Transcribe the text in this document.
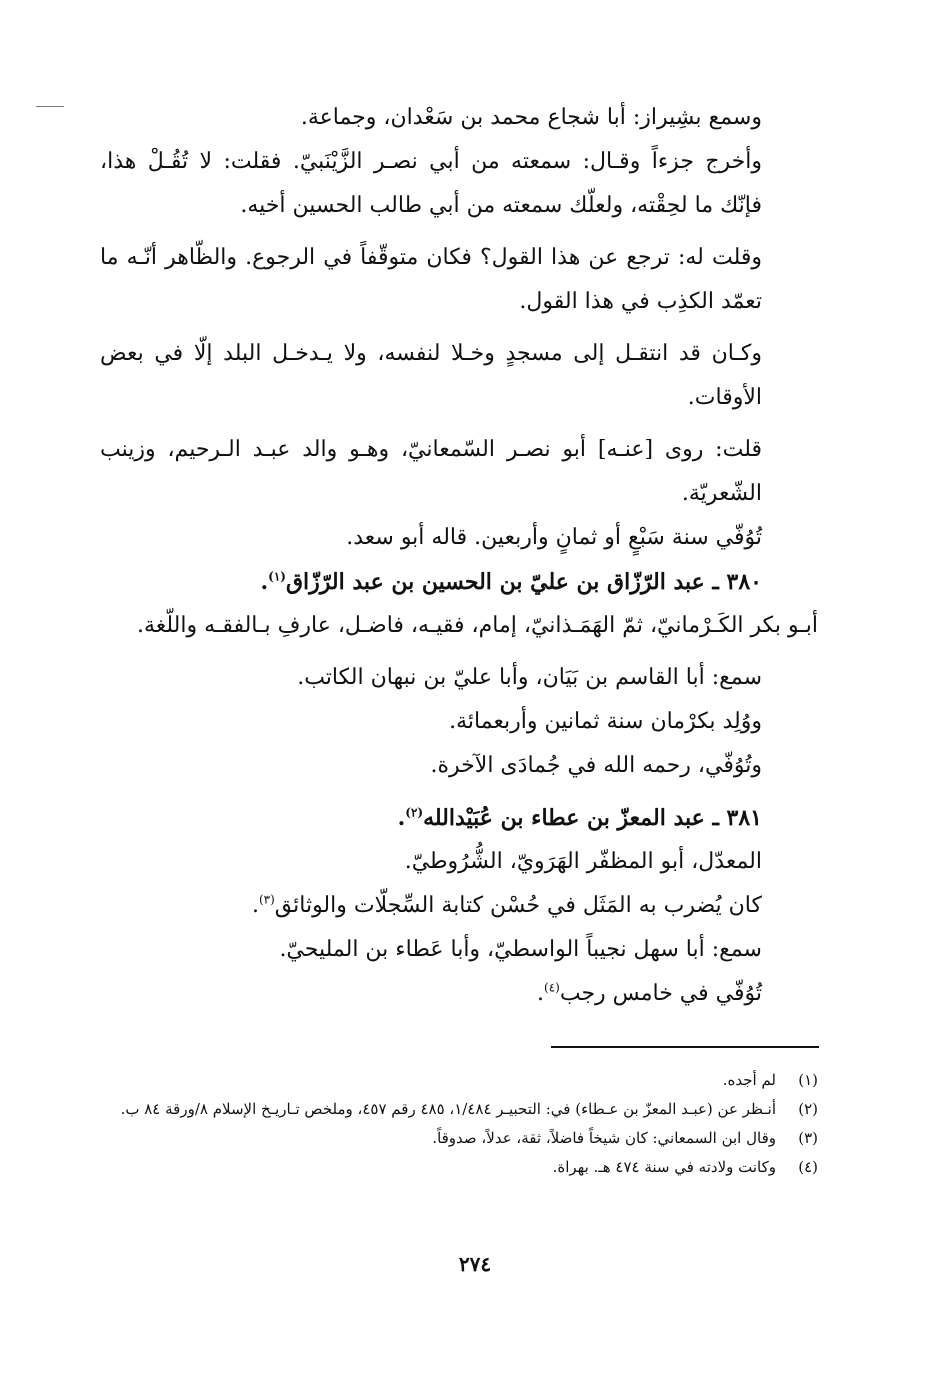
وسمع بشِيراز: أبا شجاع محمد بن سَعْدان، وجماعة.

وأخرج جزءاً وقـال: سمعته من أبي نصـر الزَّيْنَبيّ. فقلت: لا تُقُـلْ هذا، فإنّك ما لحِقْته، ولعلّك سمعته من أبي طالب الحسين أخيه.

وقلت له: ترجع عن هذا القول؟ فكان متوقّفاً في الرجوع. والظّاهر أنّـه ما تعمّد الكذِب في هذا القول.

وكـان قد انتقـل إلى مسجدٍ وخـلا لنفسه، ولا يـدخـل البلد إلّا في بعض الأوقات.

قلت: روى [عنـه] أبو نصـر السّمعانيّ، وهـو والد عبـد الـرحيم، وزينب الشّعريّة.

تُوُفّي سنة سَبْعٍ أو ثمانٍ وأربعين. قاله أبو سعد.

٣٨٠ ـ عبد الرّزّاق بن عليّ بن الحسين بن عبد الرّزّاق$^{(١)}$.

أبـو بكر الكَـرْمانيّ، ثمّ الهَمَـذانيّ، إمام، فقيـه، فاضـل، عارفِ بـالفقـه واللّغة.

سمع: أبا القاسم بن بَيَان، وأبا عليّ بن نبهان الكاتب.

ووُلِد بكرْمان سنة ثمانين وأربعمائة.

وتُوُفّي، رحمه الله في جُمادَى الآخرة.

٣٨١ ـ عبد المعزّ بن عطاء بن عُبَيْدالله$^{(٢)}$.

المعدّل، أبو المظفّر الهَرَويّ، الشُّرُوطيّ.

كان يُضرب به المَثَل في حُسْن كتابة السِّجلّات والوثائق$^{(٣)}$.

سمع: أبا سهل نجيباً الواسطيّ، وأبا عَطاء بن المليحيّ.

تُوُفّي في خامس رجب$^{(٤)}$.

(١)
لم أجده.
(٢)
أنـظر عن (عبـد المعزّ بن عـطاء) في: التحبيـر ١/٤٨٤، ٤٨٥ رقم ٤٥٧، وملخص تـاريـخ الإسلام ٨/ورقة ٨٤ ب.
(٣)
وقال ابن السمعاني: كان شيخاً فاضلاً، ثقة، عدلاً، صدوقاً.
(٤)
وكانت ولادته في سنة ٤٧٤ هـ. بهراة.
٢٧٤
